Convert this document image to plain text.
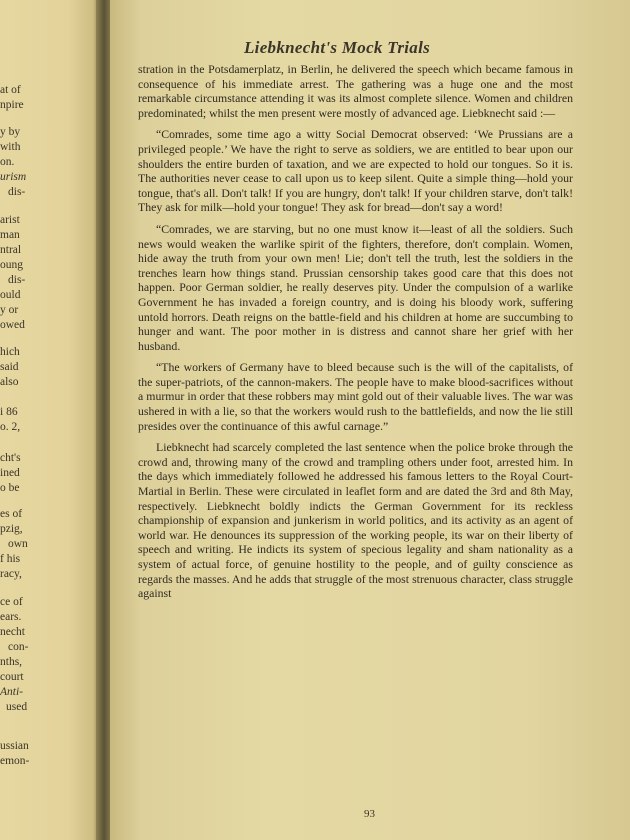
at of
npire
y by
with
on.
urism
dis-
arist
man
ntral
oung
dis-
ould
y or
owed
hich
said
also
i 86
o. 2,
cht's
ined
o be
es of
pzig,
own
f his
racy,
ce of
ears.
necht
con-
nths,
court
Anti-
used
ussian
emon-
Liebknecht's Mock Trials

stration in the Potsdamerplatz, in Berlin, he delivered the speech which became famous in consequence of his immediate arrest. The gathering was a huge one and the most remarkable circumstance attending it was its almost complete silence. Women and children predominated; whilst the men present were mostly of advanced age. Liebknecht said :—

“Comrades, some time ago a witty Social Democrat observed: ‘We Prussians are a privileged people.’ We have the right to serve as soldiers, we are entitled to bear upon our shoulders the entire burden of taxation, and we are expected to hold our tongues. So it is. The authorities never cease to call upon us to keep silent. Quite a simple thing—hold your tongue, that's all. Don't talk! If you are hungry, don't talk! If your children starve, don't talk! They ask for milk—hold your tongue! They ask for bread—don't say a word!

“Comrades, we are starving, but no one must know it—least of all the soldiers. Such news would weaken the warlike spirit of the fighters, therefore, don't complain. Women, hide away the truth from your own men! Lie; don't tell the truth, lest the soldiers in the trenches learn how things stand. Prussian censorship takes good care that this does not happen. Poor German soldier, he really deserves pity. Under the compulsion of a warlike Government he has invaded a foreign country, and is doing his bloody work, suffering untold horrors. Death reigns on the battle-field and his children at home are succumbing to hunger and want. The poor mother in is distress and cannot share her grief with her husband.

“The workers of Germany have to bleed because such is the will of the capitalists, of the super-patriots, of the cannon-makers. The people have to make blood-sacrifices without a murmur in order that these robbers may mint gold out of their valuable lives. The war was ushered in with a lie, so that the workers would rush to the battlefields, and now the lie still presides over the continuance of this awful carnage.”

Liebknecht had scarcely completed the last sentence when the police broke through the crowd and, throwing many of the crowd and trampling others under foot, arrested him. In the days which immediately followed he addressed his famous letters to the Royal Court-Martial in Berlin. These were circulated in leaflet form and are dated the 3rd and 8th May, respectively. Liebknecht boldly indicts the German Government for its reckless championship of expansion and junkerism in world politics, and its activity as an agent of world war. He denounces its suppression of the working people, its war on their liberty of speech and writing. He indicts its system of specious legality and sham nationality as a system of actual force, of genuine hostility to the people, and of guilty conscience as regards the masses. And he adds that struggle of the most strenuous character, class struggle against

93
